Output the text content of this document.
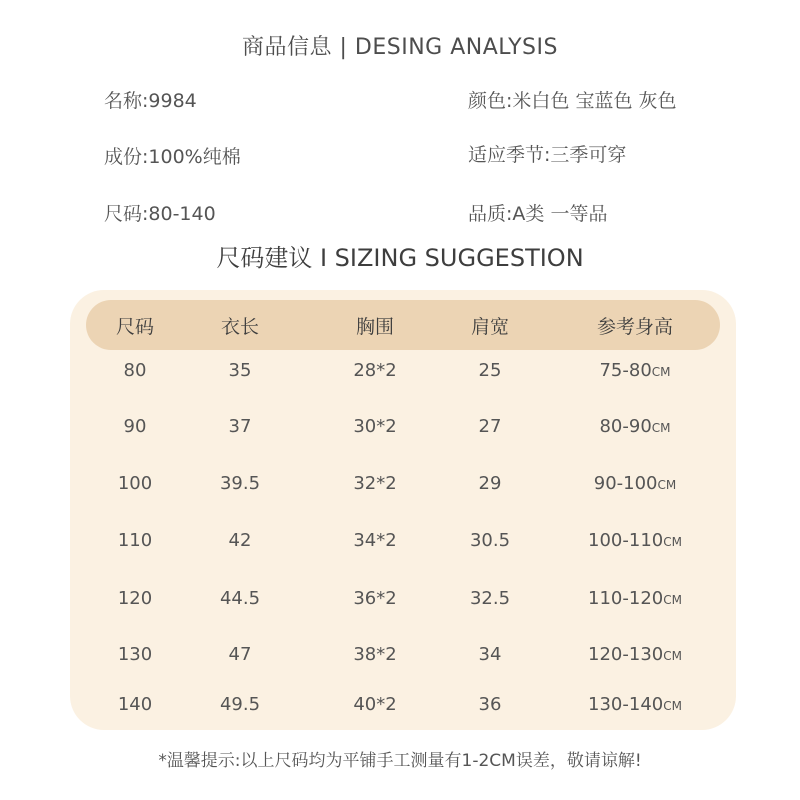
商品信息 | DESING ANALYSIS
名称:9984	颜色:米白色 宝蓝色 灰色
成份:100%纯棉	适应季节:三季可穿
尺码:80-140	品质:A类 一等品
尺码建议 I SIZING SUGGESTION
尺码	衣长	胸围	肩宽	参考身高
80	35	28*2	25	75-80CM
90	37	30*2	27	80-90CM
100	39.5	32*2	29	90-100CM
110	42	34*2	30.5	100-110CM
120	44.5	36*2	32.5	110-120CM
130	47	38*2	34	120-130CM
140	49.5	40*2	36	130-140CM
*温馨提示:以上尺码均为平铺手工测量有1-2CM误差，敬请谅解!
